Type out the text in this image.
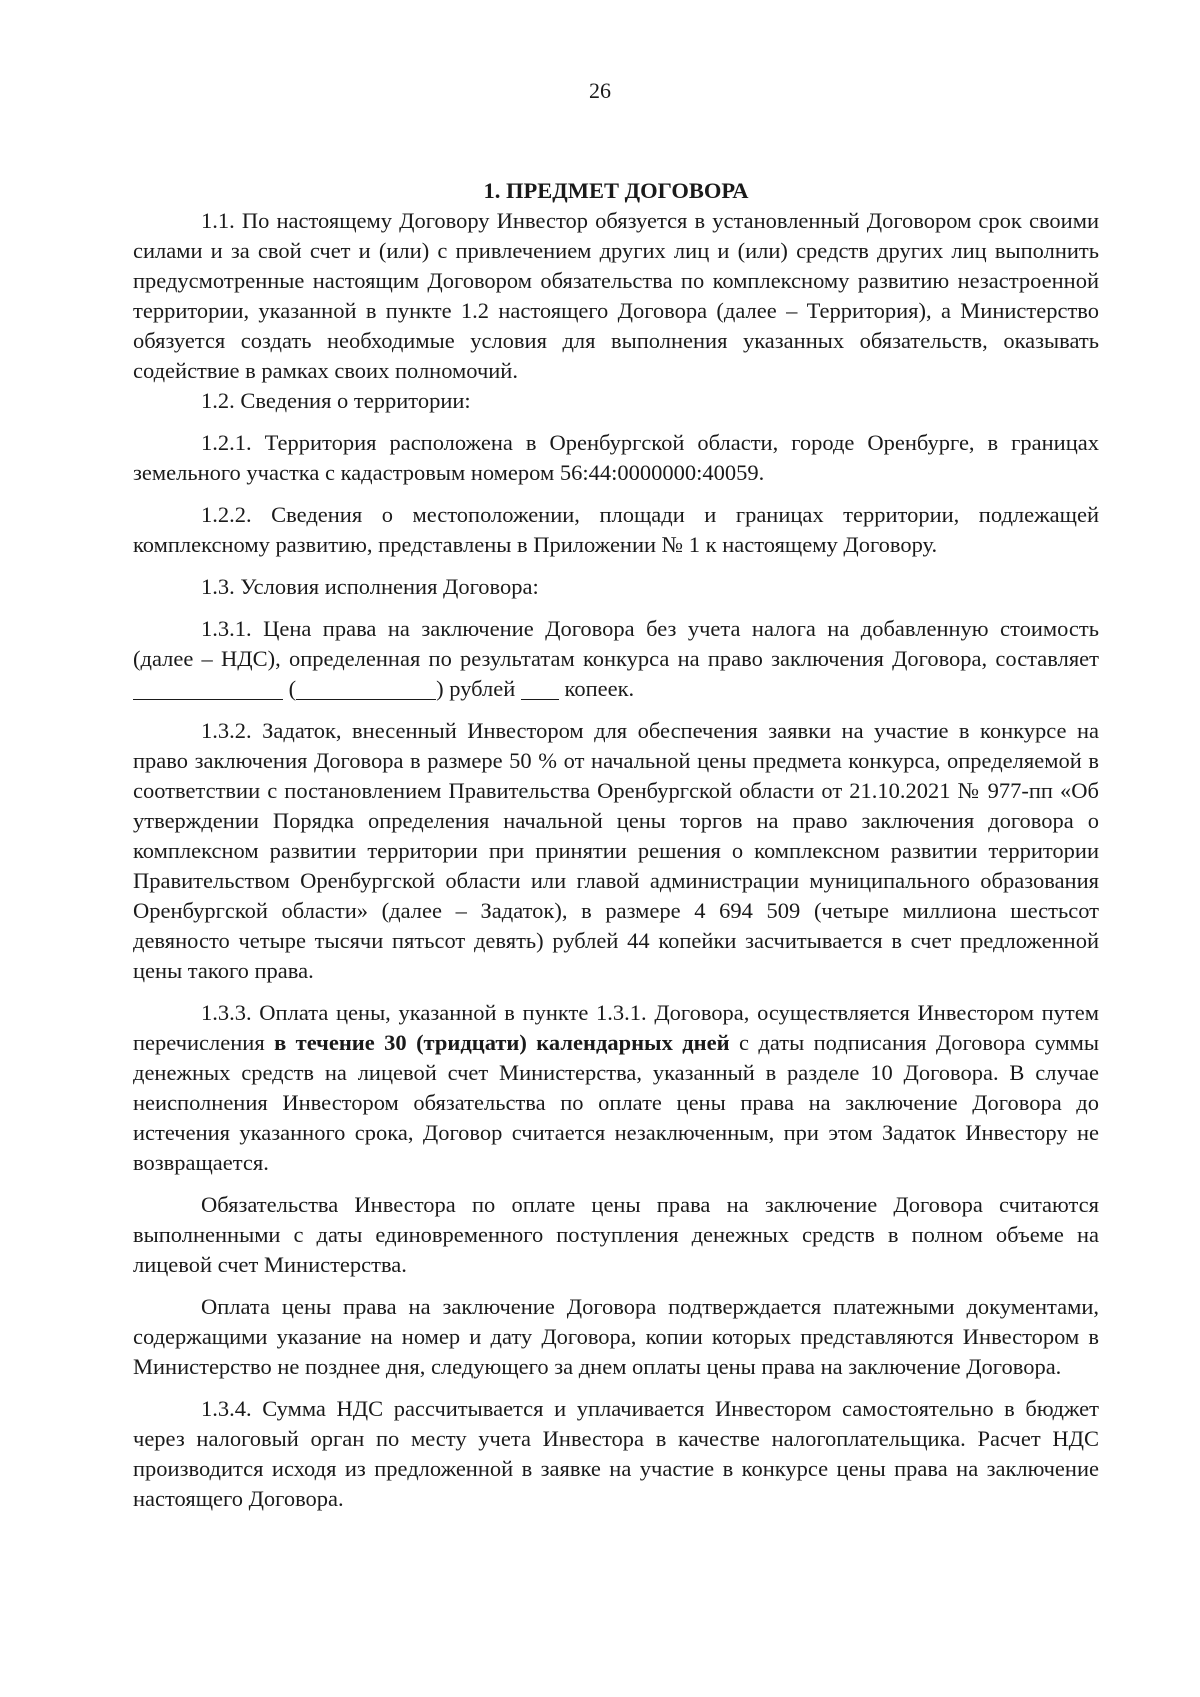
26

1. ПРЕДМЕТ ДОГОВОРА

1.1. По настоящему Договору Инвестор обязуется в установленный Договором срок своими силами и за свой счет и (или) с привлечением других лиц и (или) средств других лиц выполнить предусмотренные настоящим Договором обязательства по комплексному развитию незастроенной территории, указанной в пункте 1.2 настоящего Договора (далее – Территория), а Министерство обязуется создать необходимые условия для выполнения указанных обязательств, оказывать содействие в рамках своих полномочий.

1.2. Сведения о территории:

1.2.1. Территория расположена в Оренбургской области, городе Оренбурге, в границах земельного участка с кадастровым номером 56:44:0000000:40059.

1.2.2. Сведения о местоположении, площади и границах территории, подлежащей комплексному развитию, представлены в Приложении № 1 к настоящему Договору.

1.3. Условия исполнения Договора:

1.3.1. Цена права на заключение Договора без учета налога на добавленную стоимость (далее – НДС), определенная по результатам конкурса на право заключения Договора, составляет  (	) рублей  копеек.

1.3.2. Задаток, внесенный Инвестором для обеспечения заявки на участие в конкурсе на право заключения Договора в размере 50 % от начальной цены предмета конкурса, определяемой в соответствии с постановлением Правительства Оренбургской области от 21.10.2021 № 977-пп «Об утверждении Порядка определения начальной цены торгов на право заключения договора о комплексном развитии территории при принятии решения о комплексном развитии территории Правительством Оренбургской области или главой администрации муниципального образования Оренбургской области» (далее – Задаток), в размере 4 694 509 (четыре миллиона шестьсот девяносто четыре тысячи пятьсот девять) рублей 44 копейки засчитывается в счет предложенной цены такого права.

1.3.3. Оплата цены, указанной в пункте 1.3.1. Договора, осуществляется Инвестором путем перечисления в течение 30 (тридцати) календарных дней с даты подписания Договора суммы денежных средств на лицевой счет Министерства, указанный в разделе 10 Договора. В случае неисполнения Инвестором обязательства по оплате цены права на заключение Договора до истечения указанного срока, Договор считается незаключенным, при этом Задаток Инвестору не возвращается.

Обязательства Инвестора по оплате цены права на заключение Договора считаются выполненными с даты единовременного поступления денежных средств в полном объеме на лицевой счет Министерства.

Оплата цены права на заключение Договора подтверждается платежными документами, содержащими указание на номер и дату Договора, копии которых представляются Инвестором в Министерство не позднее дня, следующего за днем оплаты цены права на заключение Договора.

1.3.4. Сумма НДС рассчитывается и уплачивается Инвестором самостоятельно в бюджет через налоговый орган по месту учета Инвестора в качестве налогоплательщика. Расчет НДС производится исходя из предложенной в заявке на участие в конкурсе цены права на заключение настоящего Договора.
